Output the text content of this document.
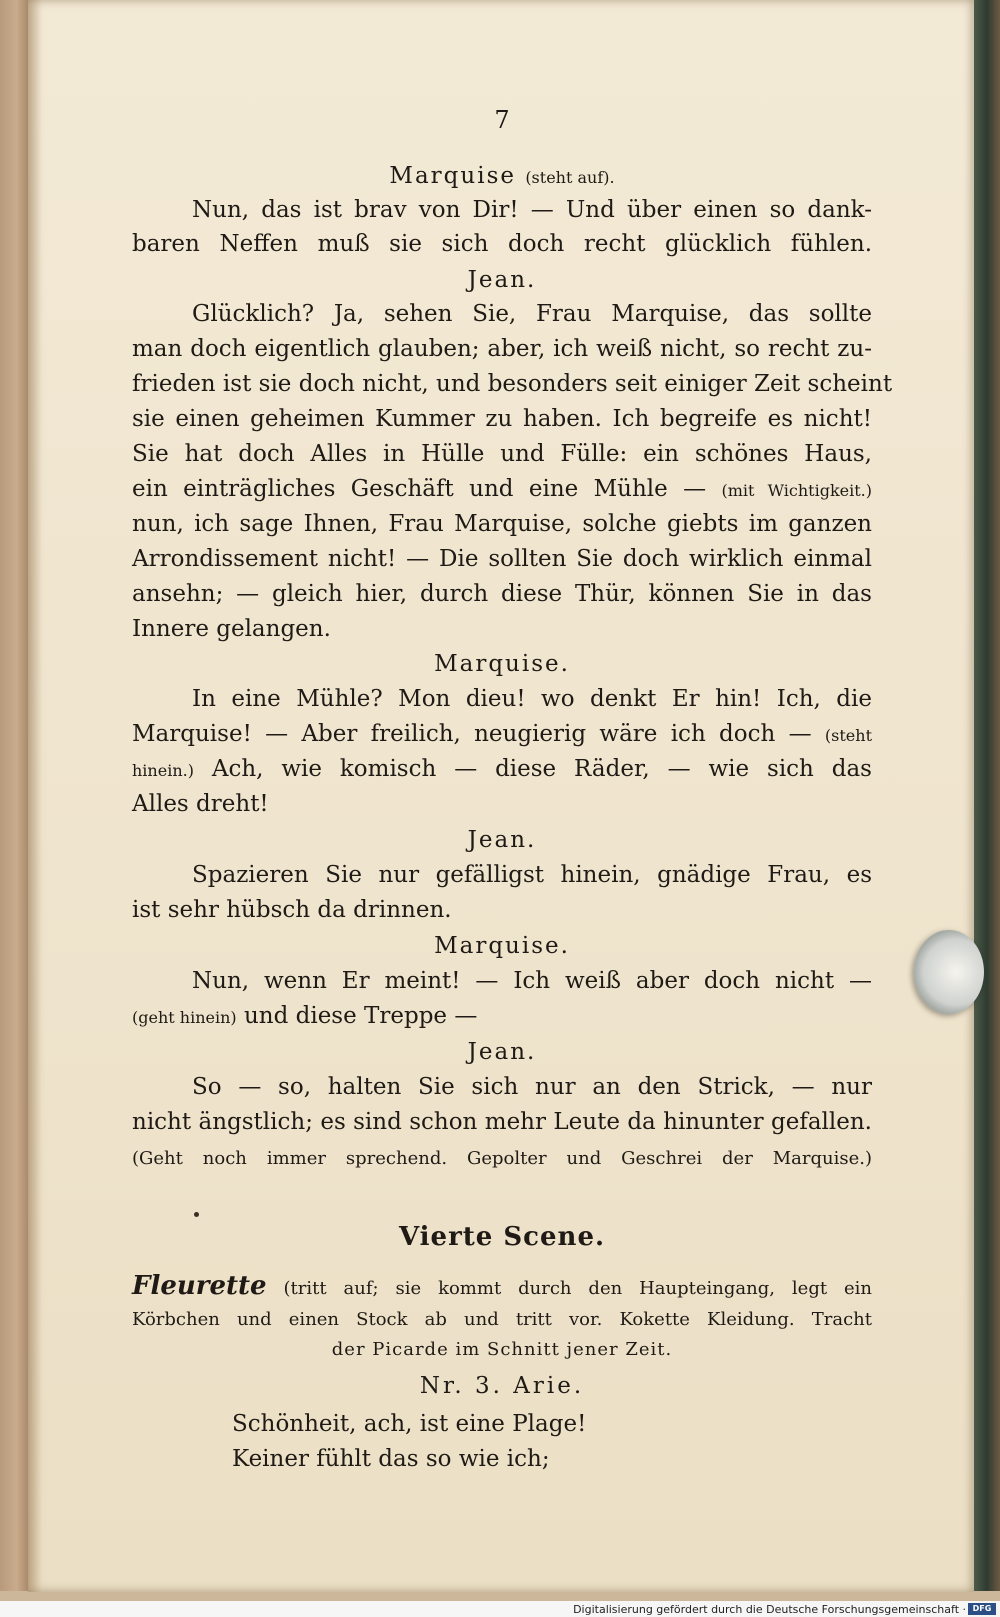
7
Marquise (steht auf).
Nun, das ist brav von Dir! — Und über einen so dank-
baren Neffen muß sie sich doch recht glücklich fühlen.
Jean.
Glücklich? Ja, sehen Sie, Frau Marquise, das sollte
man doch eigentlich glauben; aber, ich weiß nicht, so recht zu-
frieden ist sie doch nicht, und besonders seit einiger Zeit scheint
sie einen geheimen Kummer zu haben. Ich begreife es nicht!
Sie hat doch Alles in Hülle und Fülle: ein schönes Haus,
ein einträgliches Geschäft und eine Mühle — (mit Wichtigkeit.)
nun, ich sage Ihnen, Frau Marquise, solche giebts im ganzen
Arrondissement nicht! — Die sollten Sie doch wirklich einmal
ansehn; — gleich hier, durch diese Thür, können Sie in das
Innere gelangen.
Marquise.
In eine Mühle? Mon dieu! wo denkt Er hin! Ich, die
Marquise! — Aber freilich, neugierig wäre ich doch — (steht
hinein.) Ach, wie komisch — diese Räder, — wie sich das
Alles dreht!
Jean.
Spazieren Sie nur gefälligst hinein, gnädige Frau, es
ist sehr hübsch da drinnen.
Marquise.
Nun, wenn Er meint! — Ich weiß aber doch nicht —
(geht hinein) und diese Treppe —
Jean.
So — so, halten Sie sich nur an den Strick, — nur
nicht ängstlich; es sind schon mehr Leute da hinunter gefallen.
(Geht noch immer sprechend. Gepolter und Geschrei der Marquise.)
Vierte Scene.
Fleurette (tritt auf; sie kommt durch den Haupteingang, legt ein
Körbchen und einen Stock ab und tritt vor. Kokette Kleidung. Tracht
der Picarde im Schnitt jener Zeit.
Nr. 3. Arie.
Schönheit, ach, ist eine Plage!
Keiner fühlt das so wie ich;
Digitalisierung gefördert durch die Deutsche Forschungsgemeinschaft · DFG
